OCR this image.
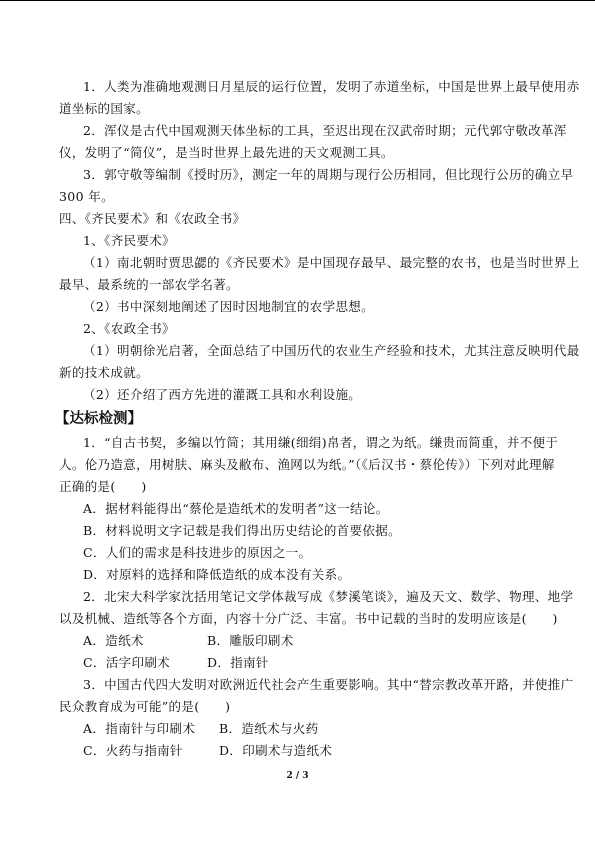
1．人类为准确地观测日月星辰的运行位置，发明了赤道坐标，中国是世界上最早使用赤
道坐标的国家。
2．浑仪是古代中国观测天体坐标的工具，至迟出现在汉武帝时期；元代郭守敬改革浑
仪，发明了“简仪”，是当时世界上最先进的天文观测工具。
3．郭守敬等编制《授时历》，测定一年的周期与现行公历相同，但比现行公历的确立早
300 年。
四、《齐民要术》和《农政全书》
1、《齐民要术》
（1）南北朝时贾思勰的《齐民要术》是中国现存最早、最完整的农书，也是当时世界上
最早、最系统的一部农学名著。
（2）书中深刻地阐述了因时因地制宜的农学思想。
2、《农政全书》
（1）明朝徐光启著，全面总结了中国历代的农业生产经验和技术，尤其注意反映明代最
新的技术成就。
（2）还介绍了西方先进的灌溉工具和水利设施。
【达标检测】
1．“自古书契，多编以竹简；其用缣(细绢)帛者，谓之为纸。缣贵而简重，并不便于
人。伦乃造意，用树肤、麻头及敝布、渔网以为纸。”（《后汉书・蔡伦传》）下列对此理解
正确的是(　　)
A．据材料能得出“蔡伦是造纸术的发明者”这一结论。
B．材料说明文字记载是我们得出历史结论的首要依据。
C．人们的需求是科技进步的原因之一。
D．对原料的选择和降低造纸的成本没有关系。
2．北宋大科学家沈括用笔记文学体裁写成《梦溪笔谈》，遍及天文、数学、物理、地学
以及机械、造纸等各个方面，内容十分广泛、丰富。书中记载的当时的发明应该是(　　)
A．造纸术	B．雕版印刷术
C．活字印刷术	D．指南针
3．中国古代四大发明对欧洲近代社会产生重要影响。其中“替宗教改革开路，并使推广
民众教育成为可能”的是(　　)
A．指南针与印刷术	B．造纸术与火药
C．火药与指南针	D．印刷术与造纸术
2 / 3
